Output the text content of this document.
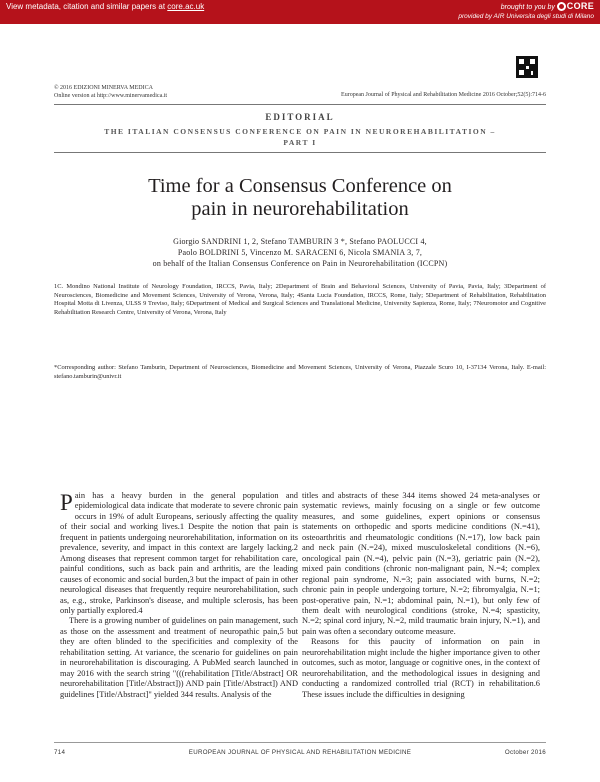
View metadata, citation and similar papers at core.ac.uk	brought to you by CORE
provided by AIR Universita degli studi di Milano
© 2016 EDIZIONI MINERVA MEDICA
Online version at http://www.minervamedica.it	European Journal of Physical and Rehabilitation Medicine 2016 October;52(5):714-6
EDITORIAL
THE ITALIAN CONSENSUS CONFERENCE ON PAIN IN NEUROREHABILITATION –
PART I
Time for a Consensus Conference on
pain in neurorehabilitation
Giorgio SANDRINI 1, 2, Stefano TAMBURIN 3 *, Stefano PAOLUCCI 4,
Paolo BOLDRINI 5, Vincenzo M. SARACENI 6, Nicola SMANIA 3, 7,
on behalf of the Italian Consensus Conference on Pain in Neurorehabilitation (ICCPN)
1C. Mondino National Institute of Neurology Foundation, IRCCS, Pavia, Italy; 2Department of Brain and Behavioral Sciences, University of Pavia, Pavia, Italy; 3Department of Neurosciences, Biomedicine and Movement Sciences, University of Verona, Verona, Italy; 4Santa Lucia Foundation, IRCCS, Rome, Italy; 5Department of Rehabilitation, Rehabilitation Hospital Motta di Livenza, ULSS 9 Treviso, Italy; 6Department of Medical and Surgical Sciences and Translational Medicine, University Sapienza, Rome, Italy; 7Neuromotor and Cognitive Rehabilitation Research Centre, University of Verona, Verona, Italy
*Corresponding author: Stefano Tamburin, Department of Neurosciences, Biomedicine and Movement Sciences, University of Verona, Piazzale Scuro 10, I-37134 Verona, Italy. E-mail: stefano.tamburin@univr.it

Pain has a heavy burden in the general population and epidemiological data indicate that moderate to severe chronic pain occurs in 19% of adult Europeans, seriously affecting the quality of their social and working lives.1 Despite the notion that pain is frequent in patients undergoing neurorehabilitation, information on its prevalence, severity, and impact in this context are largely lacking.2 Among diseases that represent common target for rehabilitation care, painful conditions, such as back pain and arthritis, are the leading causes of economic and social burden,3 but the impact of pain in other neurological diseases that frequently require neurorehabilitation, such as, e.g., stroke, Parkinson's disease, and multiple sclerosis, has been only partially explored.4

There is a growing number of guidelines on pain management, such as those on the assessment and treatment of neuropathic pain,5 but they are often blinded to the specificities and complexity of the rehabilitation setting. At variance, the scenario for guidelines on pain in neurorehabilitation is discouraging. A PubMed search launched in may 2016 with the search string "(((rehabilitation [Title/Abstract] OR neurorehabilitation [Title/Abstract])) AND pain [Title/Abstract]) AND guidelines [Title/Abstract]" yielded 344 results. Analysis of the

titles and abstracts of these 344 items showed 24 meta-analyses or systematic reviews, mainly focusing on a single or few outcome measures, and some guidelines, expert opinions or consensus statements on orthopedic and sports medicine conditions (N.=41), osteoarthritis and rheumatologic conditions (N.=17), low back pain and neck pain (N.=24), mixed musculoskeletal conditions (N.=6), oncological pain (N.=4), pelvic pain (N.=3), geriatric pain (N.=2), mixed pain conditions (chronic non-malignant pain, N.=4; complex regional pain syndrome, N.=3; pain associated with burns, N.=2; chronic pain in people undergoing torture, N.=2; fibromyalgia, N.=1; post-operative pain, N.=1; abdominal pain, N.=1), but only few of them dealt with neurological conditions (stroke, N.=4; spasticity, N.=2; spinal cord injury, N.=2, mild traumatic brain injury, N.=1), and pain was often a secondary outcome measure.

Reasons for this paucity of information on pain in neurorehabilitation might include the higher importance given to other outcomes, such as motor, language or cognitive ones, in the context of neurorehabilitation, and the methodological issues in designing and conducting a randomized controlled trial (RCT) in rehabilitation.6 These issues include the difficulties in designing

714	EUROPEAN JOURNAL OF PHYSICAL AND REHABILITATION MEDICINE	October 2016
